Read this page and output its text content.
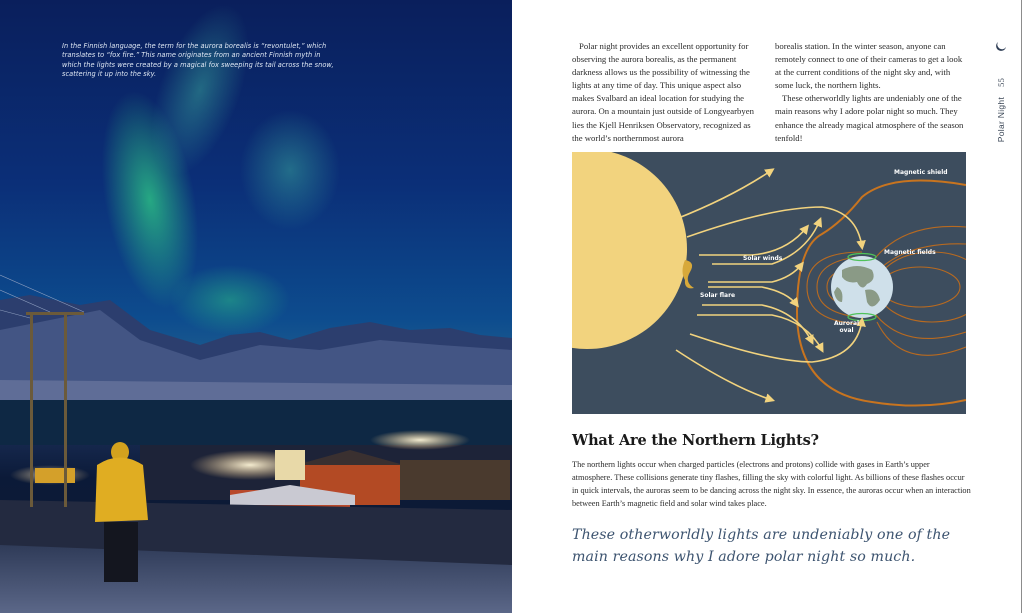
In the Finnish language, the term for the aurora borealis is “revontulet,” which translates to “fox fire.” This name originates from an ancient Finnish myth in which the lights were created by a magical fox sweeping its tail across the snow, scattering it up into the sky.

Polar night provides an excellent opportunity for observing the aurora borealis, as the permanent darkness allows us the possibility of witnessing the lights at any time of day. This unique aspect also makes Svalbard an ideal location for studying the aurora. On a mountain just outside of Longyearbyen lies the Kjell Henriksen Observatory, recognized as the world’s northernmost aurora

borealis station. In the winter season, anyone can remotely connect to one of their cameras to get a look at the current conditions of the night sky and, with some luck, the northern lights.

These otherworldly lights are undeniably one of the main reasons why I adore polar night so much. They enhance the already magical atmosphere of the season tenfold!	Polar Night55
Magnetic shield
Magnetic fields
Solar winds
Solar flare
Auroral
oval
What Are the Northern Lights?

The northern lights occur when charged particles (electrons and protons) collide with gases in Earth’s upper atmosphere. These collisions generate tiny flashes, filling the sky with colorful light. As billions of these flashes occur in quick intervals, the auroras seem to be dancing across the night sky. In essence, the auroras occur when an interaction between Earth’s magnetic field and solar wind takes place.

These otherworldly lights are undeniably one of the main reasons why I adore polar night so much.
